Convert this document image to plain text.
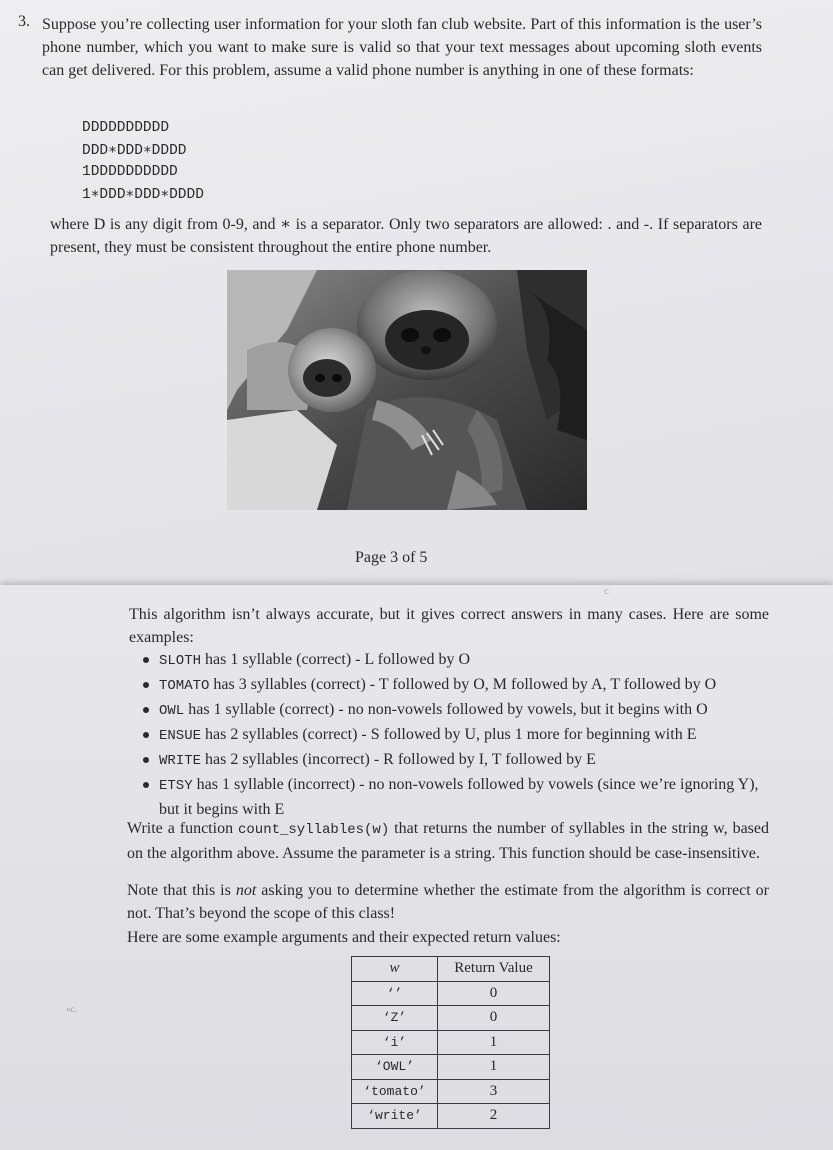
3. Suppose you’re collecting user information for your sloth fan club website. Part of this information is the user’s phone number, which you want to make sure is valid so that your text messages about upcoming sloth events can get delivered. For this problem, assume a valid phone number is anything in one of these formats:
DDDDDDDDDD
DDD∗DDD∗DDDD
1DDDDDDDDDD
1∗DDD∗DDD∗DDDD
where D is any digit from 0-9, and ∗ is a separator. Only two separators are allowed: . and -. If separators are present, they must be consistent throughout the entire phone number.
Page 3 of 5
c
This algorithm isn’t always accurate, but it gives correct answers in many cases. Here are some examples:
SLOTH has 1 syllable (correct) - L followed by O
TOMATO has 3 syllables (correct) - T followed by O, M followed by A, T followed by O
OWL has 1 syllable (correct) - no non-vowels followed by vowels, but it begins with O
ENSUE has 2 syllables (correct) - S followed by U, plus 1 more for beginning with E
WRITE has 2 syllables (incorrect) - R followed by I, T followed by E
ETSY has 1 syllable (incorrect) - no non-vowels followed by vowels (since we’re ignoring Y), but it begins with E
Write a function count_syllables(w) that returns the number of syllables in the string w, based on the algorithm above. Assume the parameter is a string. This function should be case-insensitive.
Note that this is not asking you to determine whether the estimate from the algorithm is correct or not. That’s beyond the scope of this class!
Here are some example arguments and their expected return values:
w	Return Value
‘’	0
‘Z’	0
‘i’	1
‘OWL’	1
‘tomato’	3
‘write’	2
«c.
